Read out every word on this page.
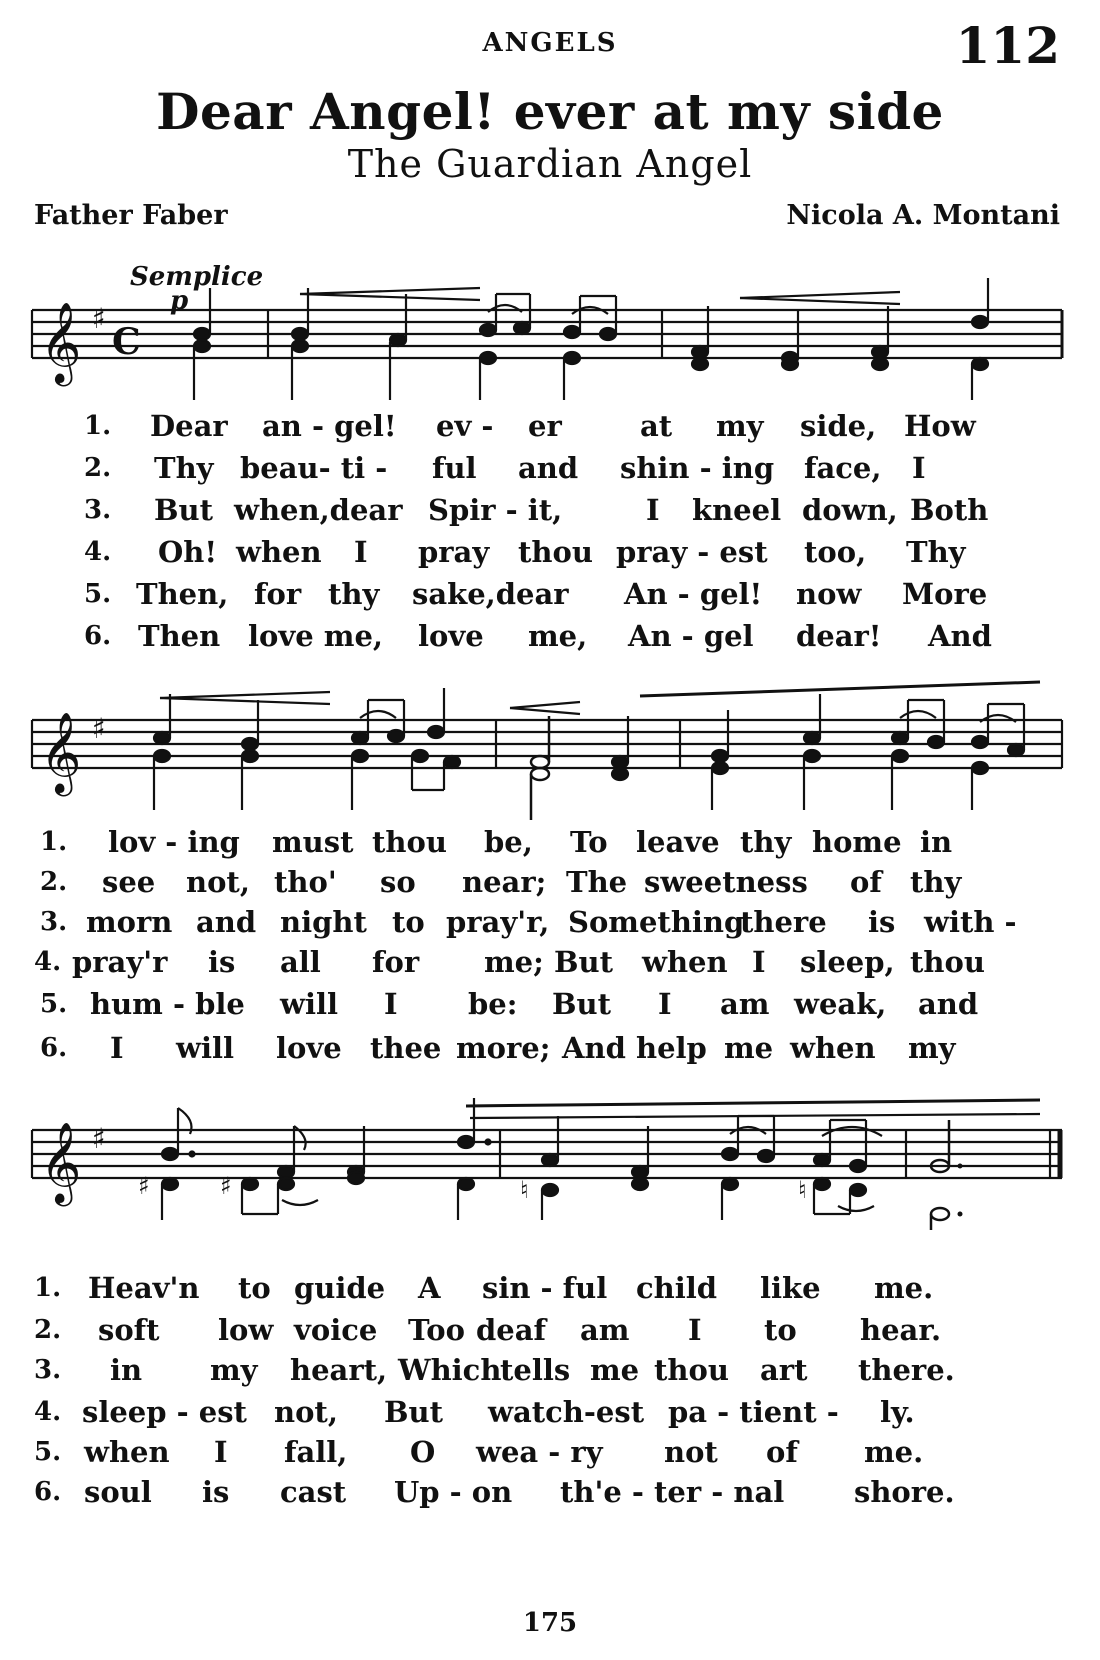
ANGELS	112
Dear Angel! ever at my side
The Guardian Angel
Father Faber	Nicola A. Montani
Semplice
p
𝄞 ♯
C
𝄞 ♯
𝄞 ♯
♯	♯	♮	♮
1. Dear an - gel! ev - er	at my side, How
2. Thy beau- ti - ful and shin - ing face, I
3. But when,dear Spir - it,	I kneel down, Both
4. Oh! when I pray thou pray - est too, Thy
5. Then, for thy sake,dear An - gel! now More
6. Then love me, love me, An - gel dear! And
1. lov - ing must thou be, To leave thy home in
2. see not, tho' so near; The sweetness of thy
3. morn and night to pray'r, Something
there is with -
4. pray'r is all for me; But when I sleep, thou
5. hum - ble will I be: But I am weak, and
6. I will love thee more; And help me when my
1. Heav'n to guide A sin - ful child like me.
2. soft low voice Too deaf am I to hear.
3. in my heart, Which
tells me thou art there.
4. sleep - est not, But watch-est pa - tient - ly.
5. when I fall, O wea - ry not of me.
6. soul is cast Up - on th'e - ter - nal shore.
175
